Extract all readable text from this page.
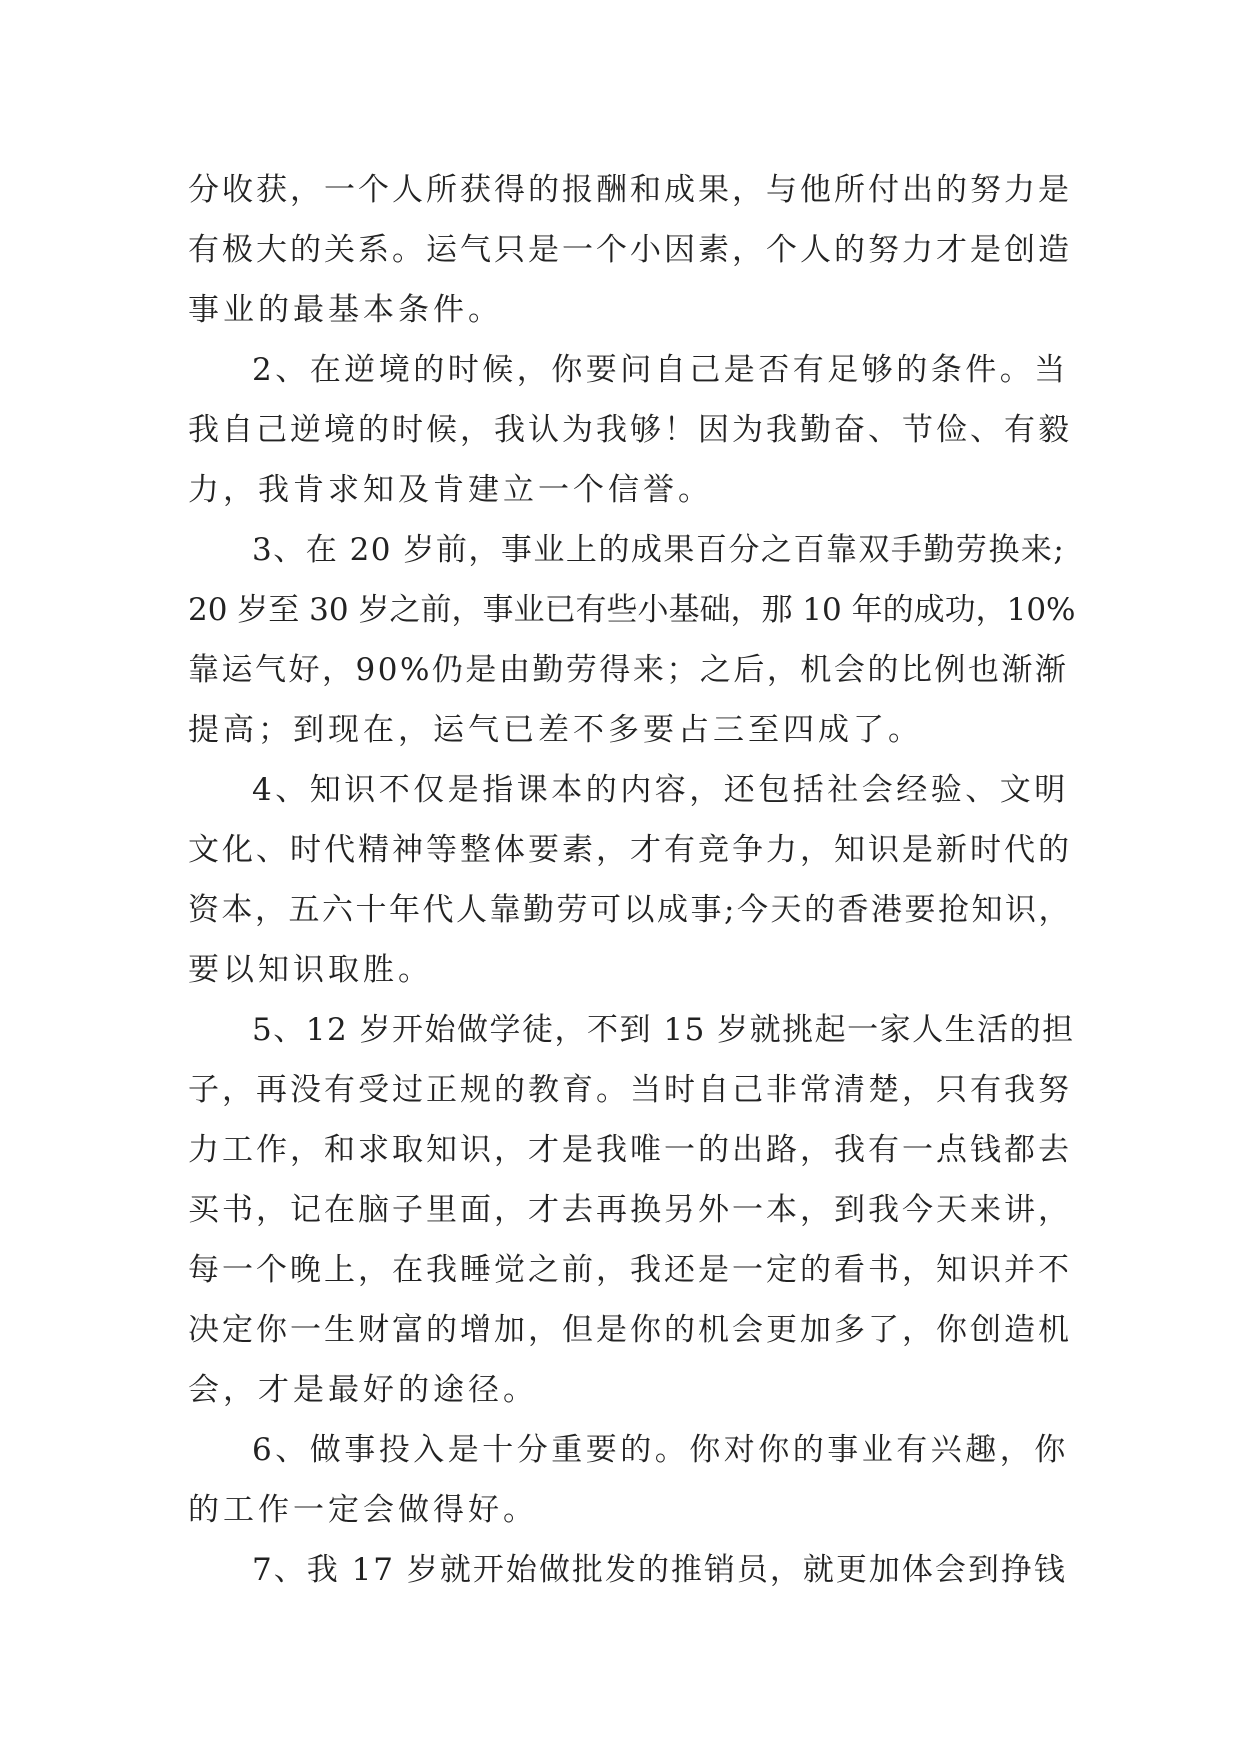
分收获，一个人所获得的报酬和成果，与他所付出的努力是
有极大的关系。运气只是一个小因素，个人的努力才是创造
事业的最基本条件。
2、在逆境的时候，你要问自己是否有足够的条件。当
我自己逆境的时候，我认为我够！因为我勤奋、节俭、有毅
力，我肯求知及肯建立一个信誉。
3、在 20 岁前，事业上的成果百分之百靠双手勤劳换来;
20 岁至 30 岁之前，事业已有些小基础，那 10 年的成功，10%
靠运气好，90%仍是由勤劳得来；之后，机会的比例也渐渐
提高；到现在，运气已差不多要占三至四成了。
4、知识不仅是指课本的内容，还包括社会经验、文明
文化、时代精神等整体要素，才有竞争力，知识是新时代的
资本，五六十年代人靠勤劳可以成事;今天的香港要抢知识，
要以知识取胜。
5、12 岁开始做学徒，不到 15 岁就挑起一家人生活的担
子，再没有受过正规的教育。当时自己非常清楚，只有我努
力工作，和求取知识，才是我唯一的出路，我有一点钱都去
买书，记在脑子里面，才去再换另外一本，到我今天来讲，
每一个晚上，在我睡觉之前，我还是一定的看书，知识并不
决定你一生财富的增加，但是你的机会更加多了，你创造机
会，才是最好的途径。
6、做事投入是十分重要的。你对你的事业有兴趣，你
的工作一定会做得好。
7、我 17 岁就开始做批发的推销员，就更加体会到挣钱
